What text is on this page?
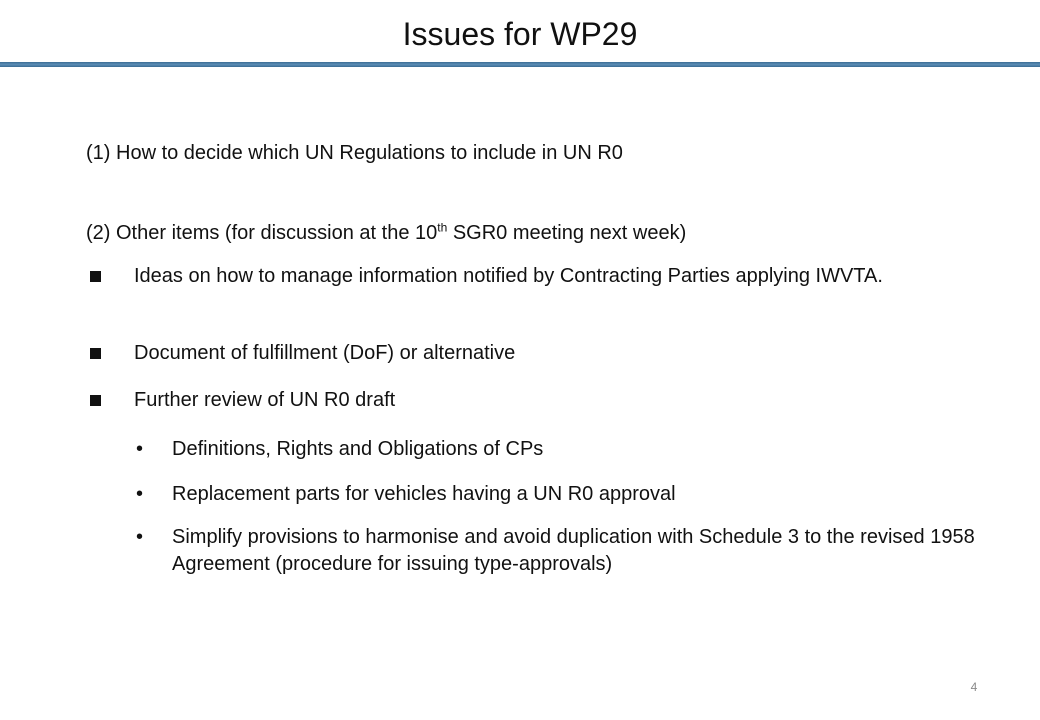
Issues for WP29
(1) How to decide which UN Regulations to include in UN R0
(2) Other items (for discussion at the 10th SGR0 meeting next week)
Ideas on how to manage information notified by Contracting Parties applying IWVTA.
Document of fulfillment (DoF) or alternative
Further review of UN R0 draft
• Definitions, Rights and Obligations of CPs
• Replacement parts for vehicles having a UN R0 approval
• Simplify provisions to harmonise and avoid duplication with Schedule 3 to the revised 1958 Agreement (procedure for issuing type-approvals)
4
